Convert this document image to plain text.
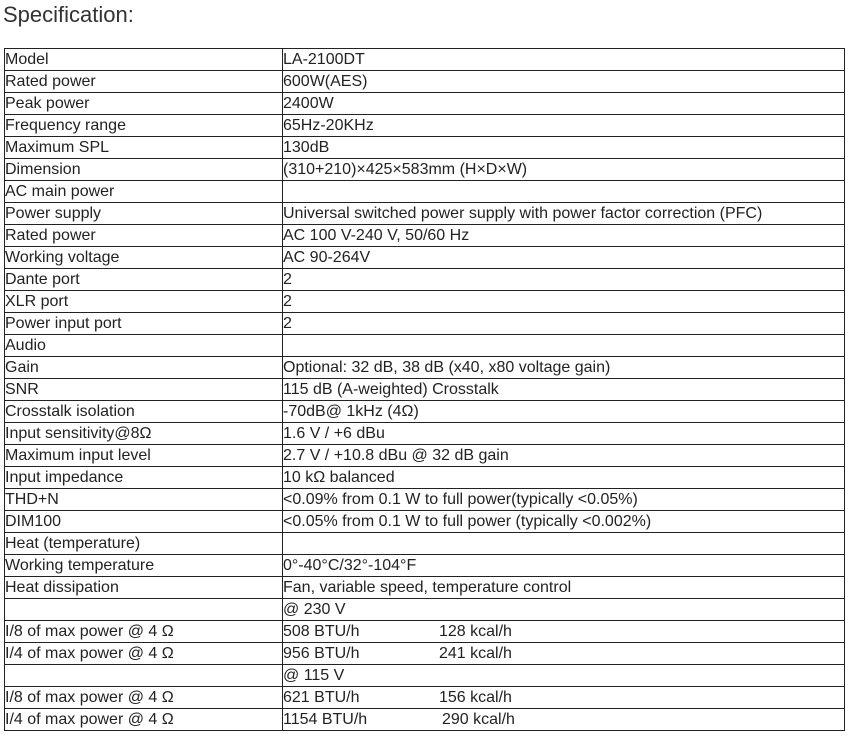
Specification:
Model	LA-2100DT
Rated power	600W(AES)
Peak power	2400W
Frequency range	65Hz-20KHz
Maximum SPL	130dB
Dimension	(310+210)×425×583mm (H×D×W)
AC main power	
Power supply	Universal switched power supply with power factor correction (PFC)
Rated power	AC 100 V-240 V, 50/60 Hz
Working voltage	AC 90-264V
Dante port	2
XLR port	2
Power input port	2
Audio	
Gain	Optional: 32 dB, 38 dB (x40, x80 voltage gain)
SNR	115 dB (A-weighted) Crosstalk
Crosstalk isolation	-70dB@ 1kHz (4Ω)
Input sensitivity@8Ω	1.6 V / +6 dBu
Maximum input level	2.7 V / +10.8 dBu @ 32 dB gain
Input impedance	10 kΩ balanced
THD+N	<0.09% from 0.1 W to full power(typically <0.05%)
DIM100	<0.05% from 0.1 W to full power (typically <0.002%)
Heat (temperature)	
Working temperature	0°-40°C/32°-104°F
Heat dissipation	Fan, variable speed, temperature control
	@ 230 V
I/8 of max power @ 4 Ω	508 BTU/h 128 kcal/h
I/4 of max power @ 4 Ω	956 BTU/h 241 kcal/h
	@ 115 V
I/8 of max power @ 4 Ω	621 BTU/h 156 kcal/h
I/4 of max power @ 4 Ω	1154 BTU/h 290 kcal/h
